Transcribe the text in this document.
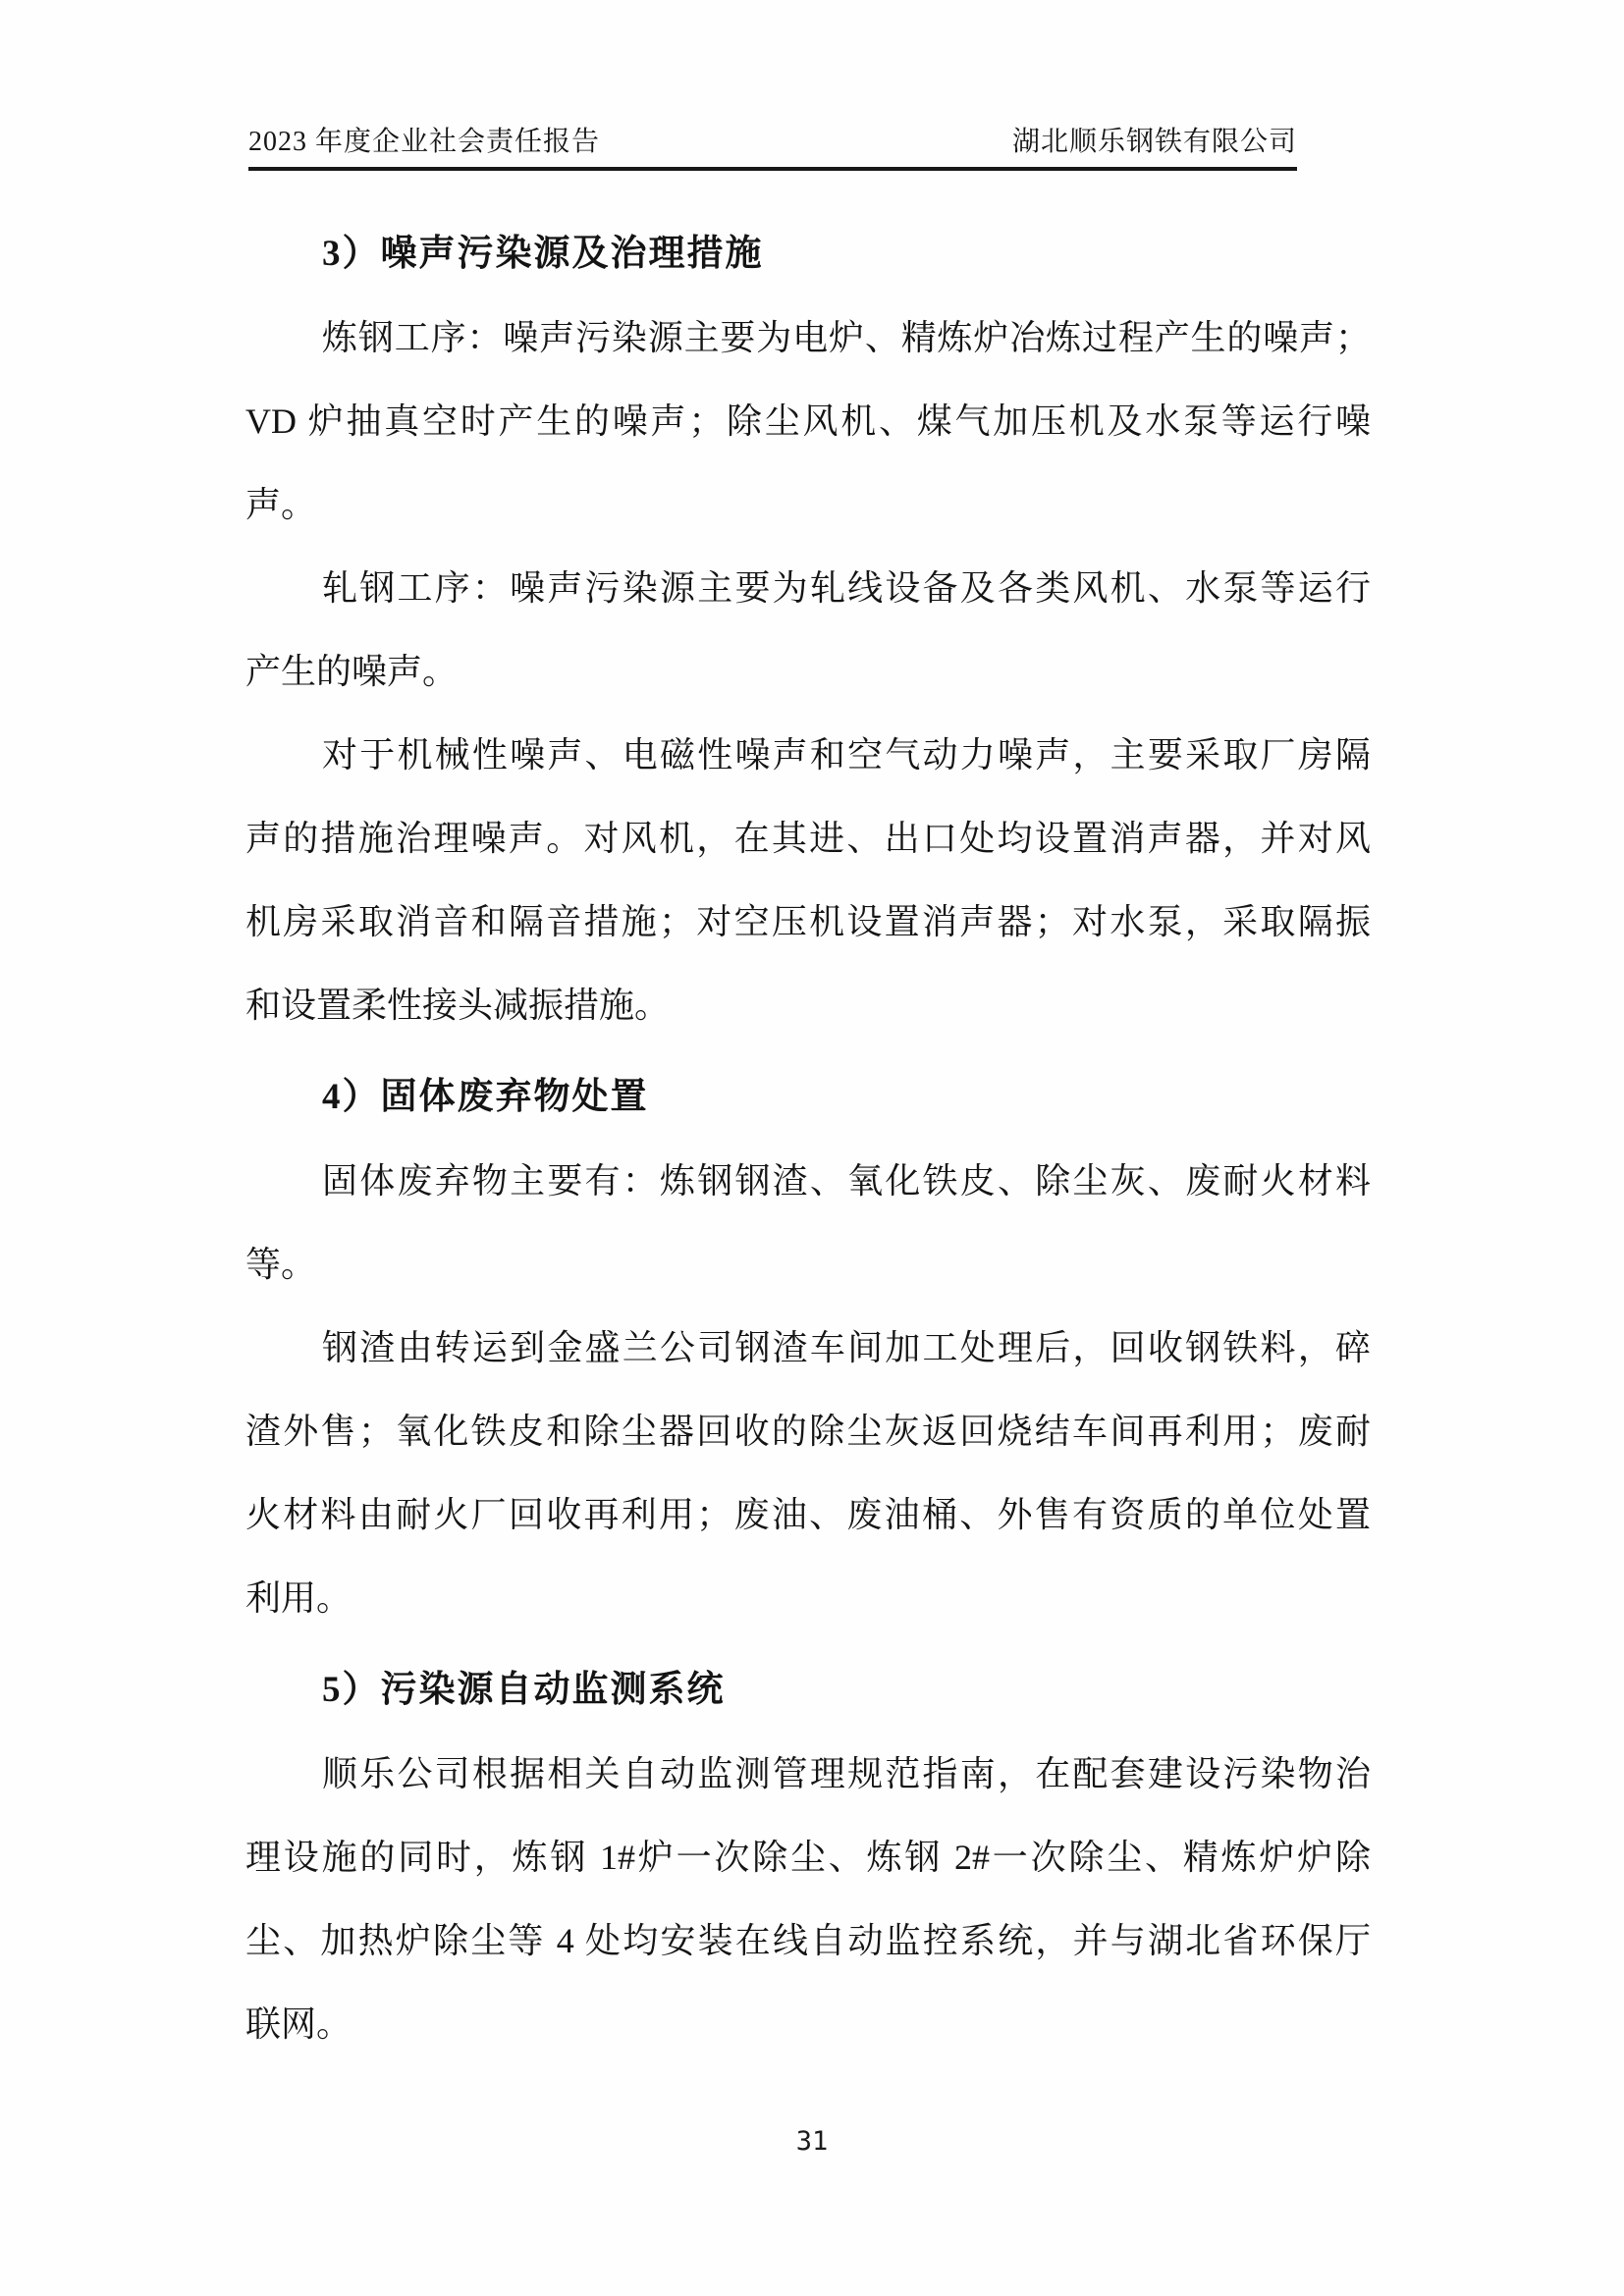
2023 年度企业社会责任报告	湖北顺乐钢铁有限公司
3）噪声污染源及治理措施
炼钢工序：噪声污染源主要为电炉、精炼炉冶炼过程产生的噪声；
VD 炉抽真空时产生的噪声；除尘风机、煤气加压机及水泵等运行噪
声。
轧钢工序：噪声污染源主要为轧线设备及各类风机、水泵等运行
产生的噪声。
对于机械性噪声、电磁性噪声和空气动力噪声，主要采取厂房隔
声的措施治理噪声。对风机，在其进、出口处均设置消声器，并对风
机房采取消音和隔音措施；对空压机设置消声器；对水泵，采取隔振
和设置柔性接头减振措施。
4）固体废弃物处置
固体废弃物主要有：炼钢钢渣、氧化铁皮、除尘灰、废耐火材料
等。
钢渣由转运到金盛兰公司钢渣车间加工处理后，回收钢铁料，碎
渣外售；氧化铁皮和除尘器回收的除尘灰返回烧结车间再利用；废耐
火材料由耐火厂回收再利用；废油、废油桶、外售有资质的单位处置
利用。
5）污染源自动监测系统
顺乐公司根据相关自动监测管理规范指南，在配套建设污染物治
理设施的同时，炼钢 1#炉一次除尘、炼钢 2#一次除尘、精炼炉炉除
尘、加热炉除尘等 4 处均安装在线自动监控系统，并与湖北省环保厅
联网。
31
